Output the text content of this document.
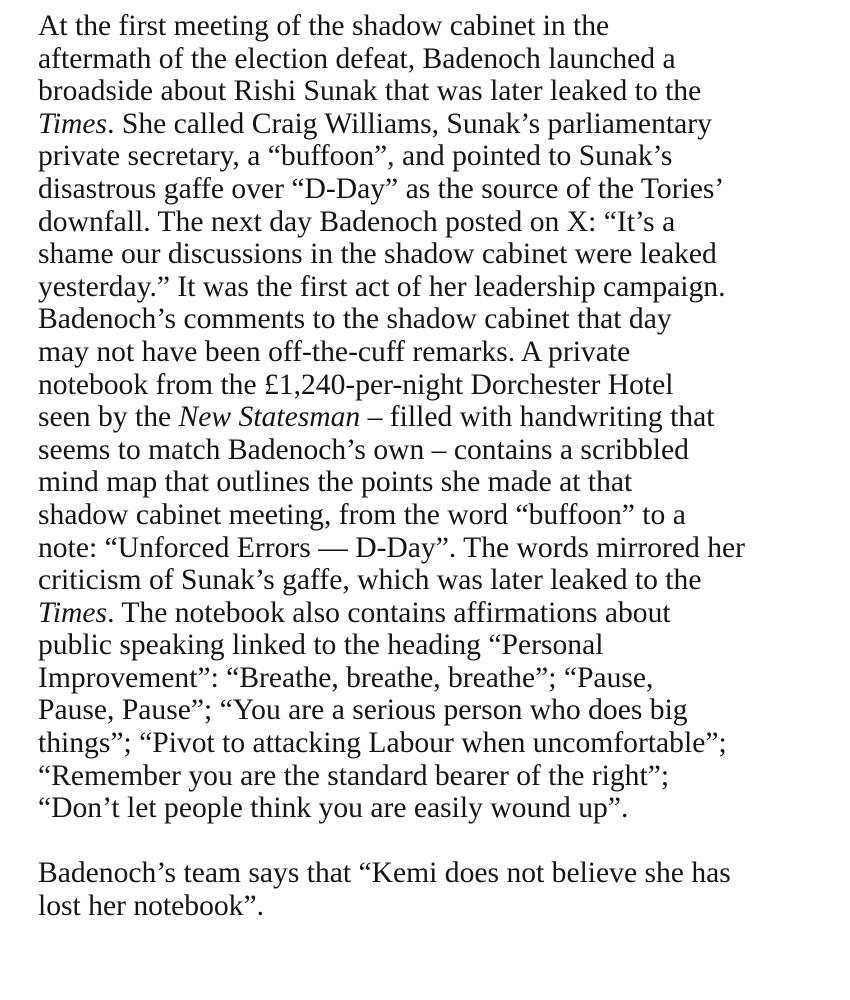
At the first meeting of the shadow cabinet in the
aftermath of the election defeat, Badenoch launched a
broadside about Rishi Sunak that was later leaked to the
Times. She called Craig Williams, Sunak’s parliamentary
private secretary, a “buffoon”, and pointed to Sunak’s
disastrous gaffe over “D-Day” as the source of the Tories’
downfall. The next day Badenoch posted on X: “It’s a
shame our discussions in the shadow cabinet were leaked
yesterday.” It was the first act of her leadership campaign.
Badenoch’s comments to the shadow cabinet that day
may not have been off-the-cuff remarks. A private
notebook from the £1,240-per-night Dorchester Hotel
seen by the New Statesman – filled with handwriting that
seems to match Badenoch’s own – contains a scribbled
mind map that outlines the points she made at that
shadow cabinet meeting, from the word “buffoon” to a
note: “Unforced Errors — D-Day”. The words mirrored her
criticism of Sunak’s gaffe, which was later leaked to the
Times. The notebook also contains affirmations about
public speaking linked to the heading “Personal
Improvement”: “Breathe, breathe, breathe”; “Pause,
Pause, Pause”; “You are a serious person who does big
things”; “Pivot to attacking Labour when uncomfortable”;
“Remember you are the standard bearer of the right”;
“Don’t let people think you are easily wound up”.

Badenoch’s team says that “Kemi does not believe she has
lost her notebook”.
